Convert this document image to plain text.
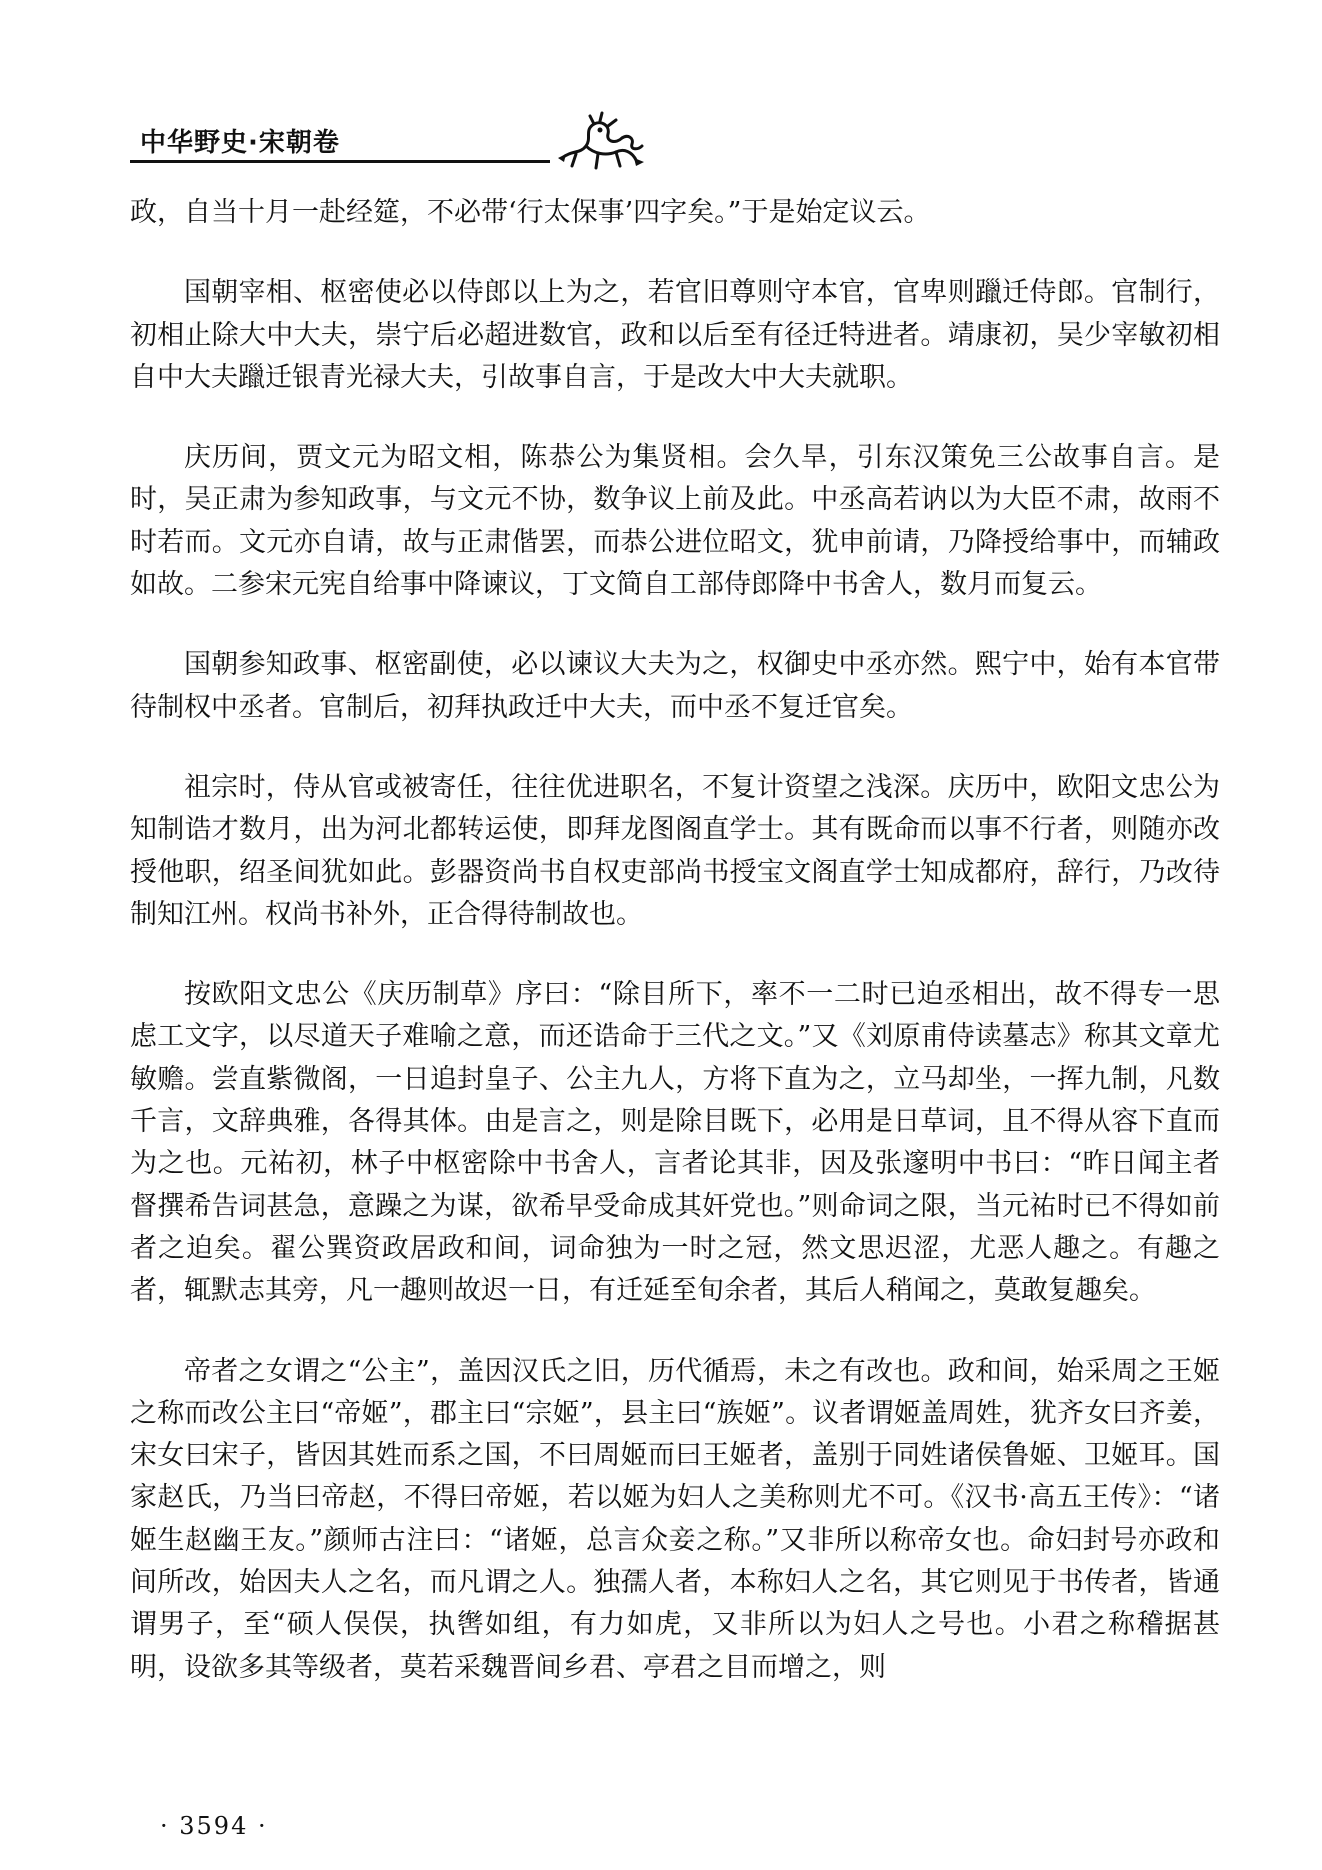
中华野史·宋朝卷

政，自当十月一赴经筵，不必带‘行太保事’四字矣。”于是始定议云。

国朝宰相、枢密使必以侍郎以上为之，若官旧尊则守本官，官卑则躐迁侍郎。官制行，初相止除大中大夫，崇宁后必超进数官，政和以后至有径迁特进者。靖康初，吴少宰敏初相自中大夫躐迁银青光禄大夫，引故事自言，于是改大中大夫就职。

庆历间，贾文元为昭文相，陈恭公为集贤相。会久旱，引东汉策免三公故事自言。是时，吴正肃为参知政事，与文元不协，数争议上前及此。中丞高若讷以为大臣不肃，故雨不时若而。文元亦自请，故与正肃偕罢，而恭公进位昭文，犹申前请，乃降授给事中，而辅政如故。二参宋元宪自给事中降谏议，丁文简自工部侍郎降中书舍人，数月而复云。

国朝参知政事、枢密副使，必以谏议大夫为之，权御史中丞亦然。熙宁中，始有本官带待制权中丞者。官制后，初拜执政迁中大夫，而中丞不复迁官矣。

祖宗时，侍从官或被寄任，往往优进职名，不复计资望之浅深。庆历中，欧阳文忠公为知制诰才数月，出为河北都转运使，即拜龙图阁直学士。其有既命而以事不行者，则随亦改授他职，绍圣间犹如此。彭器资尚书自权吏部尚书授宝文阁直学士知成都府，辞行，乃改待制知江州。权尚书补外，正合得待制故也。

按欧阳文忠公《庆历制草》序曰：“除目所下，率不一二时已迫丞相出，故不得专一思虑工文字，以尽道天子难喻之意，而还诰命于三代之文。”又《刘原甫侍读墓志》称其文章尤敏赡。尝直紫微阁，一日追封皇子、公主九人，方将下直为之，立马却坐，一挥九制，凡数千言，文辞典雅，各得其体。由是言之，则是除目既下，必用是日草词，且不得从容下直而为之也。元祐初，林子中枢密除中书舍人，言者论其非，因及张邃明中书曰：“昨日闻主者督撰希告词甚急，意躁之为谋，欲希早受命成其奸党也。”则命词之限，当元祐时已不得如前者之迫矣。翟公巽资政居政和间，词命独为一时之冠，然文思迟涩，尤恶人趣之。有趣之者，辄默志其旁，凡一趣则故迟一日，有迁延至旬余者，其后人稍闻之，莫敢复趣矣。

帝者之女谓之“公主”，盖因汉氏之旧，历代循焉，未之有改也。政和间，始采周之王姬之称而改公主曰“帝姬”，郡主曰“宗姬”，县主曰“族姬”。议者谓姬盖周姓，犹齐女曰齐姜，宋女曰宋子，皆因其姓而系之国，不曰周姬而曰王姬者，盖别于同姓诸侯鲁姬、卫姬耳。国家赵氏，乃当曰帝赵，不得曰帝姬，若以姬为妇人之美称则尤不可。《汉书·高五王传》：“诸姬生赵幽王友。”颜师古注曰：“诸姬，总言众妾之称。”又非所以称帝女也。命妇封号亦政和间所改，始因夫人之名，而凡谓之人。独孺人者，本称妇人之名，其它则见于书传者，皆通谓男子，至“硕人俣俣，执辔如组，有力如虎，又非所以为妇人之号也。小君之称稽据甚明，设欲多其等级者，莫若采魏晋间乡君、亭君之目而增之，则

· 3594 ·
